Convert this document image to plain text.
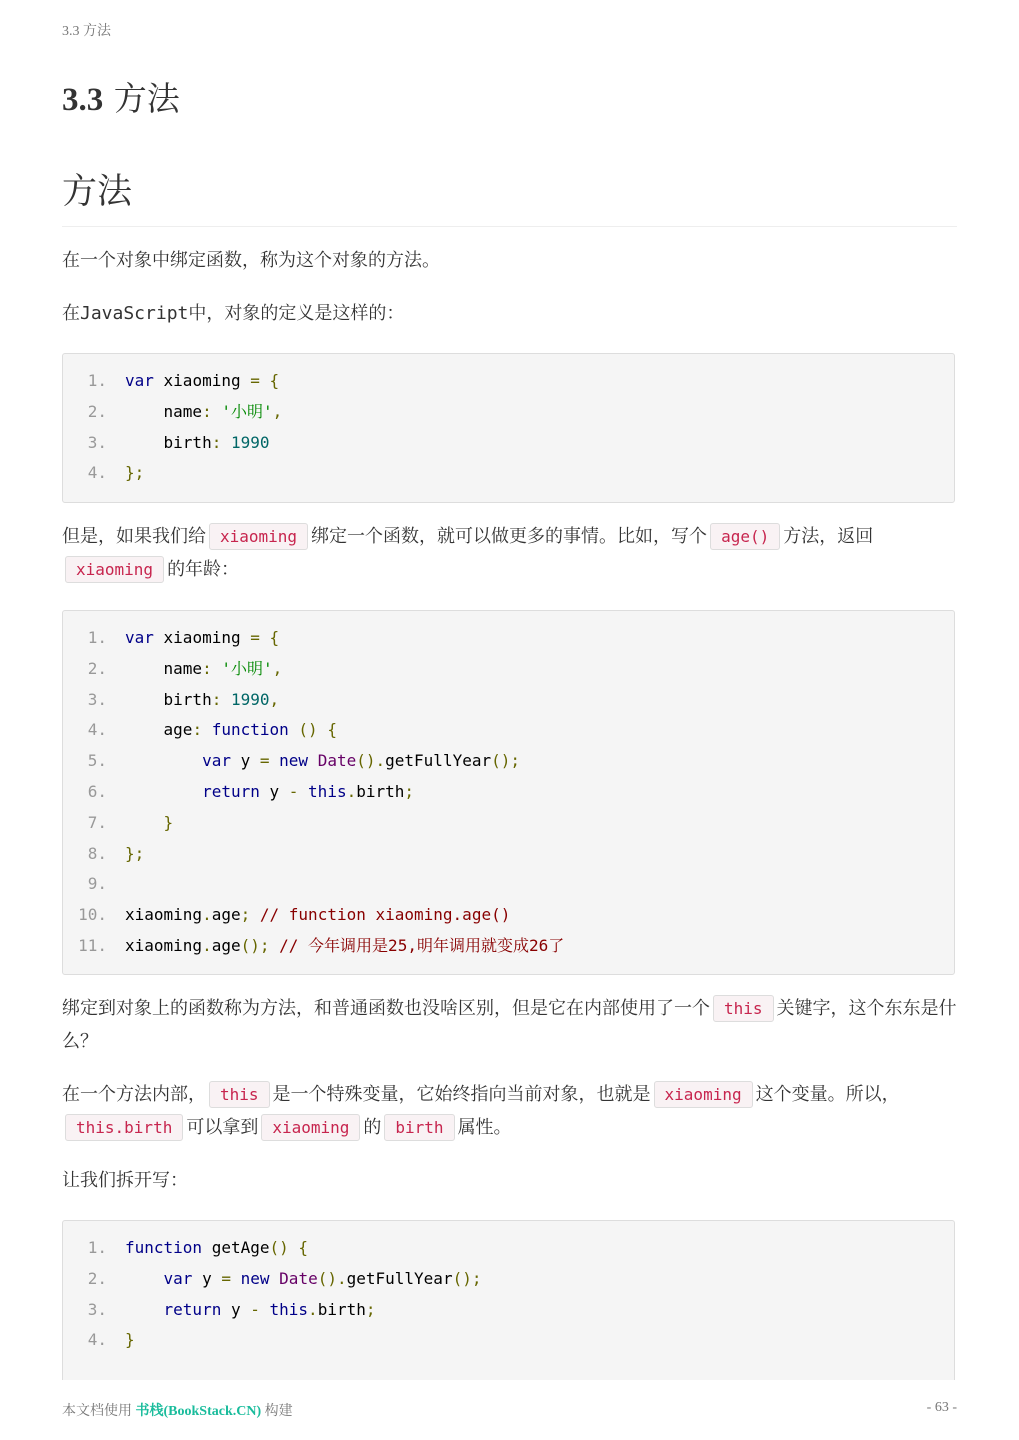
3.3 方法
3.3 方法
方法

在一个对象中绑定函数，称为这个对象的方法。

在JavaScript中，对象的定义是这样的：

1. var xiaoming = {
2.    name: '小明',
3.    birth: 1990
4. };

但是，如果我们给 xiaoming 绑定一个函数，就可以做更多的事情。比如，写个 age() 方法，返回xiaoming 的年龄：

1. var xiaoming = {
2.    name: '小明',
3.    birth: 1990,
4.    age: function () {
5.	var y = new Date().getFullYear();
6.	return y - this.birth;
7.	}
8. };
9.
10. xiaoming.age; // function xiaoming.age()
11. xiaoming.age(); // 今年调用是25,明年调用就变成26了

绑定到对象上的函数称为方法，和普通函数也没啥区别，但是它在内部使用了一个 this 关键字，这个东东是什么？

在一个方法内部， this 是一个特殊变量，它始终指向当前对象，也就是 xiaoming 这个变量。所以，this.birth 可以拿到 xiaoming 的 birth 属性。

让我们拆开写：

1. function getAge() {
2.	var y = new Date().getFullYear();
3.	return y - this.birth;
4. }
本文档使用 书栈(BookStack.CN) 构建	- 63 -
